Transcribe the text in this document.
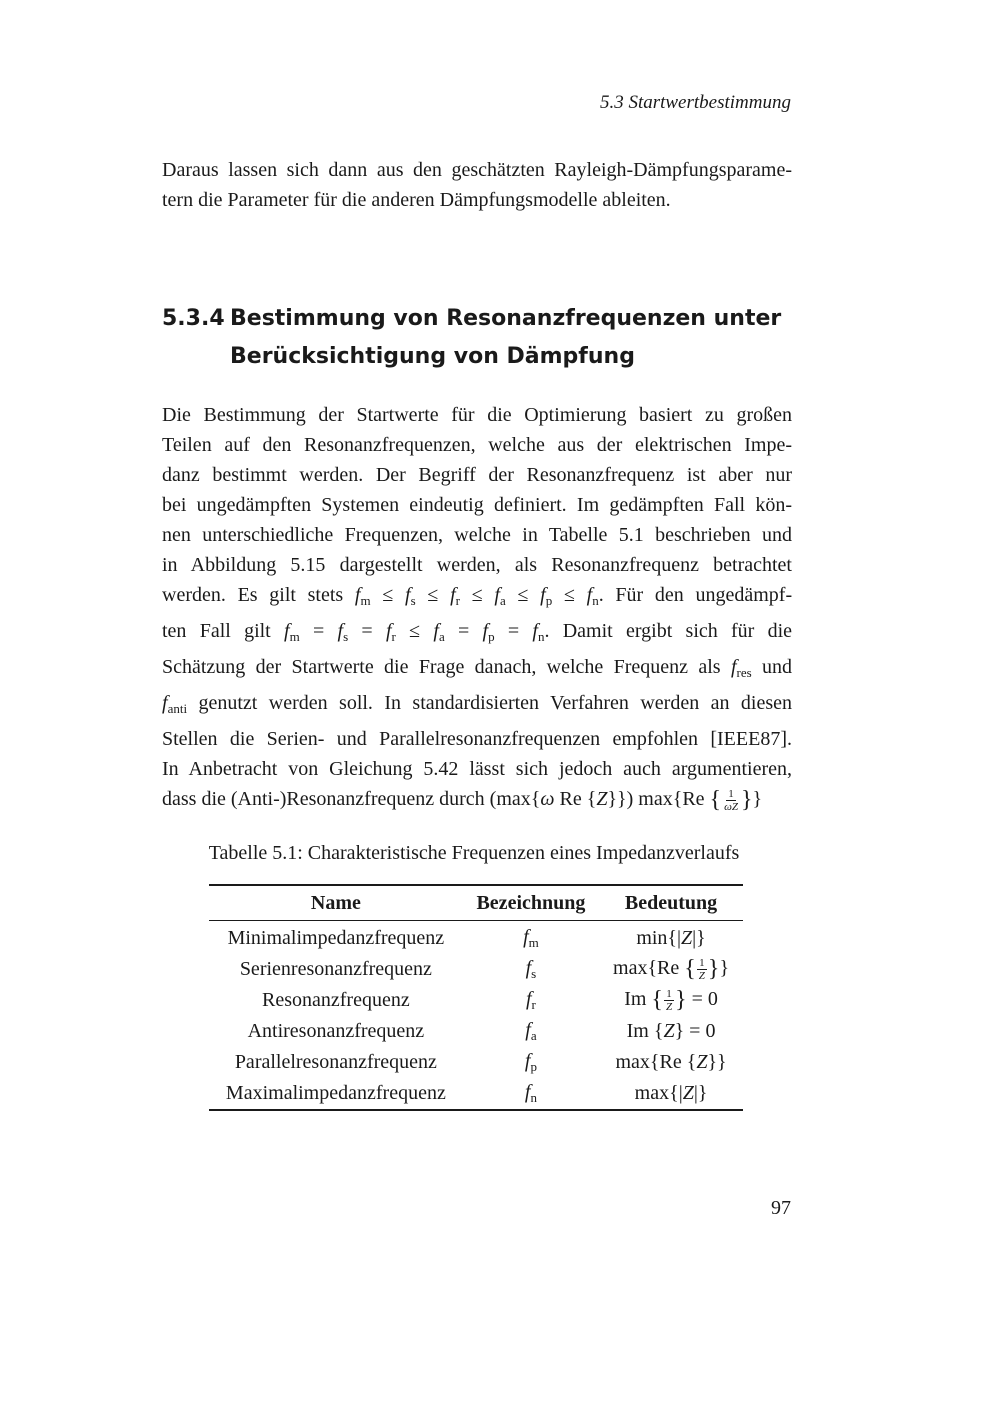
5.3 Startwertbestimmung

Daraus lassen sich dann aus den geschätzten Rayleigh-Dämpfungsparame-
tern die Parameter für die anderen Dämpfungsmodelle ableiten.

5.3.4 Bestimmung von Resonanzfrequenzen unter
Berücksichtigung von Dämpfung

Die Bestimmung der Startwerte für die Optimierung basiert zu großen
Teilen auf den Resonanzfrequenzen, welche aus der elektrischen Impe-
danz bestimmt werden. Der Begriff der Resonanzfrequenz ist aber nur
bei ungedämpften Systemen eindeutig definiert. Im gedämpften Fall kön-
nen unterschiedliche Frequenzen, welche in Tabelle 5.1 beschrieben und
in Abbildung 5.15 dargestellt werden, als Resonanzfrequenz betrachtet
werden. Es gilt stets $f_m \le f_s \le f_r \le f_a \le f_p \le f_n$. Für den ungedämpf-
ten Fall gilt $f_m = f_s = f_r \le f_a = f_p = f_n$. Damit ergibt sich für die
Schätzung der Startwerte die Frage danach, welche Frequenz als $f_{res}$ und
$f_{anti}$ genutzt werden soll. In standardisierten Verfahren werden an diesen
Stellen die Serien- und Parallelresonanzfrequenzen empfohlen [IEEE87].
In Anbetracht von Gleichung 5.42 lässt sich jedoch auch argumentieren,
dass die (Anti-)Resonanzfrequenz durch (max{ω Re {Z}}) max{Re { $\frac{1}{\omega Z}$ }}

Tabelle 5.1: Charakteristische Frequenzen eines Impedanzverlaufs
Name	Bezeichnung	Bedeutung
Minimalimpedanzfrequenz	$f_m$	min{|Z|}
Serienresonanzfrequenz	$f_s$	max{Re { $\frac{1}{Z}$ }}
Resonanzfrequenz	$f_r$	Im { $\frac{1}{Z}$ } = 0
Antiresonanzfrequenz	$f_a$	Im {Z} = 0
Parallelresonanzfrequenz	$f_p$	max{Re {Z}}
Maximalimpedanzfrequenz	$f_n$	max{|Z|}
97
